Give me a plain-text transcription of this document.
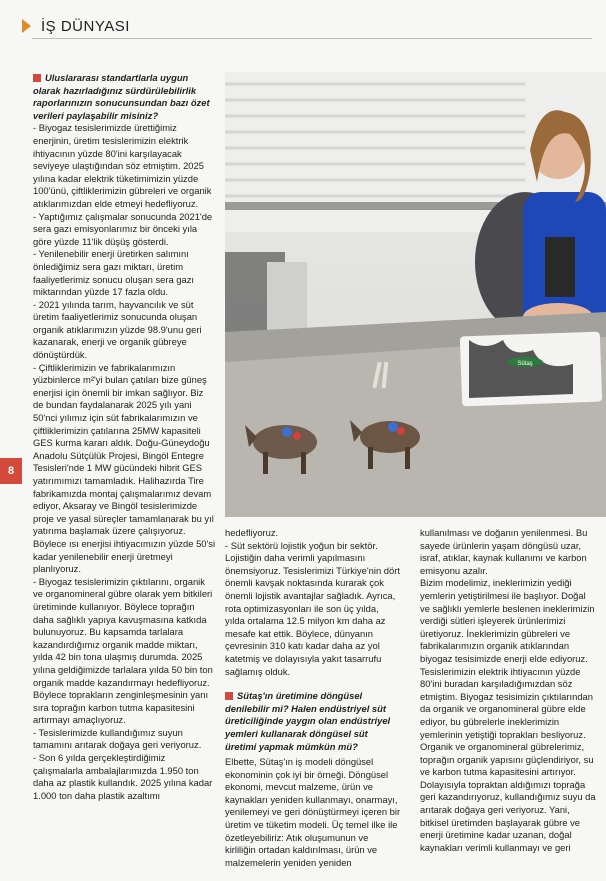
İŞ DÜNYASI
8
Sütaş

Uluslararası standartlarla uygun olarak hazırladığınız sürdürülebilirlik raporlarınızın sonucunsundan bazı özet verileri paylaşabilir misiniz?

- Biyogaz tesislerimizde ürettiğimiz enerjinin, üretim tesislerimizin elektrik ihtiyacının yüzde 80'ini karşılayacak seviyeye ulaştığından söz etmiştim. 2025 yılına kadar elektrik tüketimimizin yüzde 100'ünü, çiftliklerimizin gübreleri ve organik atıklarımızdan elde etmeyi hedefliyoruz.

- Yaptığımız çalışmalar sonucunda 2021'de sera gazı emisyonlarımız bir önceki yıla göre yüzde 11'lik düşüş gösterdi.

- Yenilenebilir enerji üretirken salımını önlediğimiz sera gazı miktarı, üretim faaliyetlerimiz sonucu oluşan sera gazı miktarından yüzde 17 fazla oldu.

- 2021 yılında tarım, hayvancılık ve süt üretim faaliyetlerimiz sonucunda oluşan organik atıklarımızın yüzde 98.9'unu geri kazanarak, enerji ve organik gübreye dönüştürdük.

- Çiftliklerimizin ve fabrikalarımızın yüzbinlerce m²'yi bulan çatıları bize güneş enerjisi için önemli bir imkan sağlıyor. Biz de bundan faydalanarak 2025 yılı yani 50'nci yılımız için süt fabrikalarımızın ve çiftliklerimizin çatılarına 25MW kapasiteli GES kurma kararı aldık. Doğu-Güneydoğu Anadolu Sütçülük Projesi, Bingöl Entegre Tesisleri'nde 1 MW gücündeki hibrit GES yatırımımızı tamamladık. Halihazırda Tire fabrikamızda montaj çalışmalarımız devam ediyor, Aksaray ve Bingöl tesislerimizde proje ve yasal süreçler tamamlanarak bu yıl yatırıma başlamak üzere çalışıyoruz. Böylece ısı enerjisi ihtiyacımızın yüzde 50'si kadar yenilenebilir enerji üretmeyi planlıyoruz.

- Biyogaz tesislerimizin çıktılarını, organik ve organomineral gübre olarak yem bitkileri üretiminde kullanıyor. Böylece toprağın daha sağlıklı yapıya kavuşmasına katkıda bulunuyoruz. Bu kapsamda tarlalara kazandırdığımız organik madde miktarı, yılda 42 bin tona ulaşmış durumda. 2025 yılına geldiğimizde tarlalara yılda 50 bin ton organik madde kazandırmayı hedefliyoruz. Böylece toprakların zenginleşmesinin yanı sıra toprağın karbon tutma kapasitesini artırmayı amaçlıyoruz.

- Tesislerimizde kullandığımız suyun tamamını arıtarak doğaya geri veriyoruz.

- Son 6 yılda gerçekleştirdiğimiz çalışmalarla ambalajlarımızda 1.950 ton daha az plastik kullandık. 2025 yılına kadar 1.000 ton daha plastik azaltımı

hedefliyoruz.

- Süt sektörü lojistik yoğun bir sektör. Lojistiğin daha verimli yapılmasını önemsiyoruz. Tesislerimizi Türkiye'nin dört önemli kavşak noktasında kurarak çok önemli lojistik avantajlar sağladık. Ayrıca, rota optimizasyonları ile son üç yılda, yılda ortalama 12.5 milyon km daha az mesafe kat ettik. Böylece, dünyanın çevresinin 310 katı kadar daha az yol katetmiş ve dolayısıyla yakıt tasarrufu sağlamış olduk.

Sütaş'ın üretimine döngüsel denilebilir mi? Halen endüstriyel süt üreticiliğinde yaygın olan endüstriyel yemleri kullanarak döngüsel süt üretimi yapmak mümkün mü?

Elbette, Sütaş'ın iş modeli döngüsel ekonominin çok iyi bir örneği. Döngüsel ekonomi, mevcut malzeme, ürün ve kaynakları yeniden kullanmayı, onarmayı, yenilemeyi ve geri dönüştürmeyi içeren bir üretim ve tüketim modeli. Üç temel ilke ile özetleyebiliriz: Atık oluşumunun ve kirliliğin ortadan kaldırılması, ürün ve malzemelerin yeniden yeniden

kullanılması ve doğanın yenilenmesi. Bu sayede ürünlerin yaşam döngüsü uzar, israf, atıklar, kaynak kullanımı ve karbon emisyonu azalır.

Bizim modelimiz, ineklerimizin yediği yemlerin yetiştirilmesi ile başlıyor. Doğal ve sağlıklı yemlerle beslenen ineklerimizin verdiği sütleri işleyerek ürünlerimizi üretiyoruz. İneklerimizin gübreleri ve fabrikalarımızın organik atıklarından biyogaz tesisimizde enerji elde ediyoruz. Tesislerimizin elektrik ihtiyacının yüzde 80'ini buradan karşıladığımızdan söz etmiştim. Biyogaz tesisimizin çıktılarından da organik ve organomineral gübre elde ediyor, bu gübrelerle ineklerimizin yemlerinin yetiştiği toprakları besliyoruz. Organik ve organomineral gübrelerimiz, toprağın organik yapısını güçlendiriyor, su ve karbon tutma kapasitesini artırıyor. Dolayısıyla topraktan aldığımızı toprağa geri kazandırıyoruz, kullandığımız suyu da arıtarak doğaya geri veriyoruz. Yani, bitkisel üretimden başlayarak gübre ve enerji üretimine kadar uzanan, doğal kaynakları verimli kullanmayı ve geri
